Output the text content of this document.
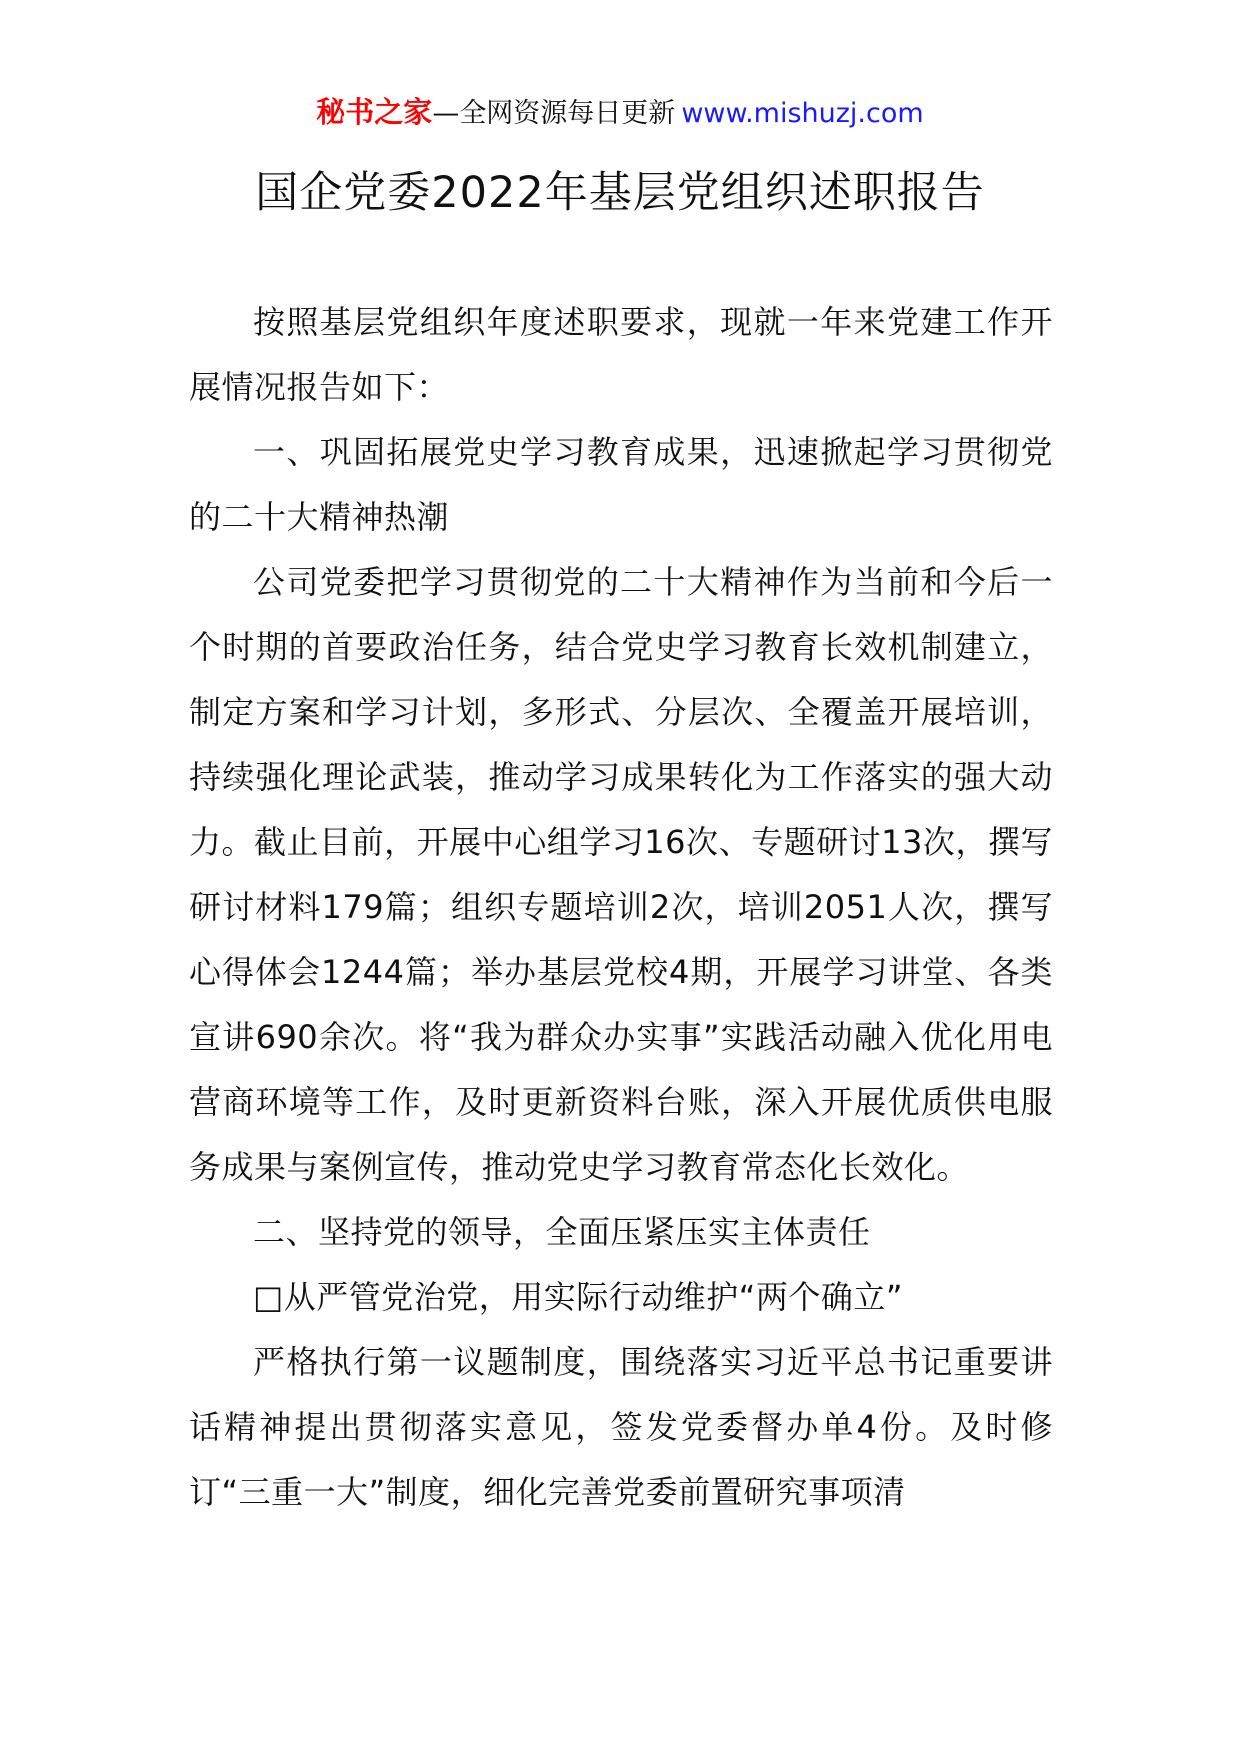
秘书之家—全网资源每日更新 www.mishuzj.com
国企党委2022年基层党组织述职报告

按照基层党组织年度述职要求，现就一年来党建工作开展情况报告如下：

一、巩固拓展党史学习教育成果，迅速掀起学习贯彻党的二十大精神热潮

公司党委把学习贯彻党的二十大精神作为当前和今后一个时期的首要政治任务，结合党史学习教育长效机制建立，制定方案和学习计划，多形式、分层次、全覆盖开展培训，持续强化理论武装，推动学习成果转化为工作落实的强大动力。截止目前，开展中心组学习16次、专题研讨13次，撰写研讨材料179篇；组织专题培训2次，培训2051人次，撰写心得体会1244篇；举办基层党校4期，开展学习讲堂、各类宣讲690余次。将“我为群众办实事”实践活动融入优化用电营商环境等工作，及时更新资料台账，深入开展优质供电服务成果与案例宣传，推动党史学习教育常态化长效化。

二、坚持党的领导，全面压紧压实主体责任

□从严管党治党，用实际行动维护“两个确立”

严格执行第一议题制度，围绕落实习近平总书记重要讲话精神提出贯彻落实意见，签发党委督办单4份。及时修订“三重一大”制度，细化完善党委前置研究事项清
